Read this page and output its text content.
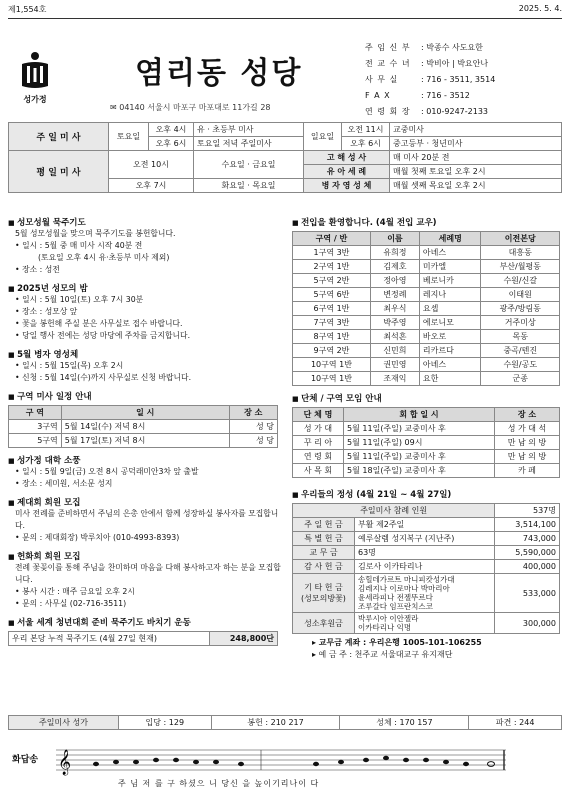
제1,554호	2025. 5. 4.
성가정
염리동 성당
✉ 04140 서울시 마포구 마포대로 11가길 28
주 임 신 부 : 박종수 사도요한
전 교 수 녀 : 박비아 | 박요안나
사 무 실	: 716 - 3511, 3514
F A X	: 716 - 3512
연 령 회 장 : 010-9247-2133
주 일 미 사	토요일	오후 4시	유 · 초등부 미사	일요일	오전 11시	교중미사
		오후 6시	토요일 저녁 주일미사		오후 6시	중고등부 · 청년미사
평 일 미 사	오전 10시		수요일 · 금요일	고 해 성 사		매 미사 20분 전
				유 아 세 례		매월 첫째 토요일 오후 2시
	오후 7시		화요일 · 목요일	병 자 영 성 체		매월 셋째 목요일 오후 2시
■ 성모성월 묵주기도
5월 성모성월을 맞으며 묵주기도를 봉헌합니다.
• 일시 : 5월 중 매 미사 시작 40분 전
(토요일 오후 4시 유·초등부 미사 제외)
• 장소 : 성전
■ 2025년 성모의 밤
• 일시 : 5월 10일(토) 오후 7시 30분
• 장소 : 성모상 앞
• 꽃을 봉헌해 주실 분은 사무실로 접수 바랍니다.
• 당일 행사 전에는 성당 마당에 주차를 금지합니다.
■ 5월 병자 영성체
• 일시 : 5월 15일(목) 오후 2시
• 신청 : 5월 14일(수)까지 사무실로 신청 바랍니다.
■ 구역 미사 일정 안내
구 역	일 시	장 소
3구역	5월 14일(수) 저녁 8시	성 당
5구역	5월 17일(토) 저녁 8시	성 당
■ 성가정 대학 소풍
• 일시 : 5월 9일(금) 오전 8시 공덕래미안3차 앞 출발
• 장소 : 세미원, 서소문 성지
■ 제대회 회원 모집
미사 전례를 준비하면서 주님의 은총 안에서 함께 성장하실 봉사자를 모집합니다.
• 문의 : 제대회장) 박루치아 (010-4993-8393)
■ 헌화회 회원 모집
전례 꽃꽂이를 통해 주님을 찬미하며 마음을 다해 봉사하고자 하는 분을 모집합니다.
• 봉사 시간 : 매주 금요일 오후 2시
• 문의 : 사무실 (02-716-3511)
■ 서울 세계 청년대회 준비 묵주기도 바치기 운동
우리 본당 누적 묵주기도 (4월 27일 현재)	248,800단
■ 전입을 환영합니다. (4월 전입 교우)
구역 / 반	이름	세례명	이전본당
1구역 3반	유희정	아녜스	대흥동
2구역 1반	김제호	미카엘	부산/월평동
5구역 2반	정아영	베로니카	수원/신갈
5구역 6반	변정례	레지나	이태원
6구역 1반	최우식	요셉	광주/방림동
7구역 3반	박주영	에로니모	거주미상
8구역 1반	최석흔	바오로	목동
9구역 2반	신민희	리카르다	중곡/텐진
10구역 1반	권민영	아녜스	수원/공도
10구역 1반	조재익	요한	군종
■ 단체 / 구역 모임 안내
단 체 명	회 합 일 시	장 소
성 가 대	5월 11일(주일) 교중미사 후	성 가 대 석
꾸 리 아	5월 11일(주일) 09시	만 남 의 방
연 령 회	5월 11일(주일) 교중미사 후	만 남 의 방
사 목 회	5월 18일(주일) 교중미사 후	카 페
■ 우리들의 정성 (4월 21일 ~ 4월 27일)
주일미사 참례 인원		537명
주 일 헌 금	부활 제2주일	3,514,100
특 별 헌 금	예루살렘 성지복구 (지난주)	743,000
교 무 금	63명	5,590,000
감 사 헌 금	김로사 이카타리나	400,000
기 타 헌 금
(성모의방꽃)	송힐데가르트 마니피캇성가대
김레지나 이로마나 박마리아
윤세라피나 전젤뚜르다
조루갈다 임프란치스코	533,000
성소후원금	박루시아 이안젤라
이카타리나 익명	300,000
▸ 교무금 계좌 : 우리은행 1005-101-106255
▸ 예 금 주 : 천주교 서울대교구 유지재단
주일미사 성가	입당 : 129	봉헌 : 210 217	성체 : 170 157	파견 : 244
화답송 𝄞
주 님 저 를 구 하셨으 니 당신 을 높이기리나이 다
